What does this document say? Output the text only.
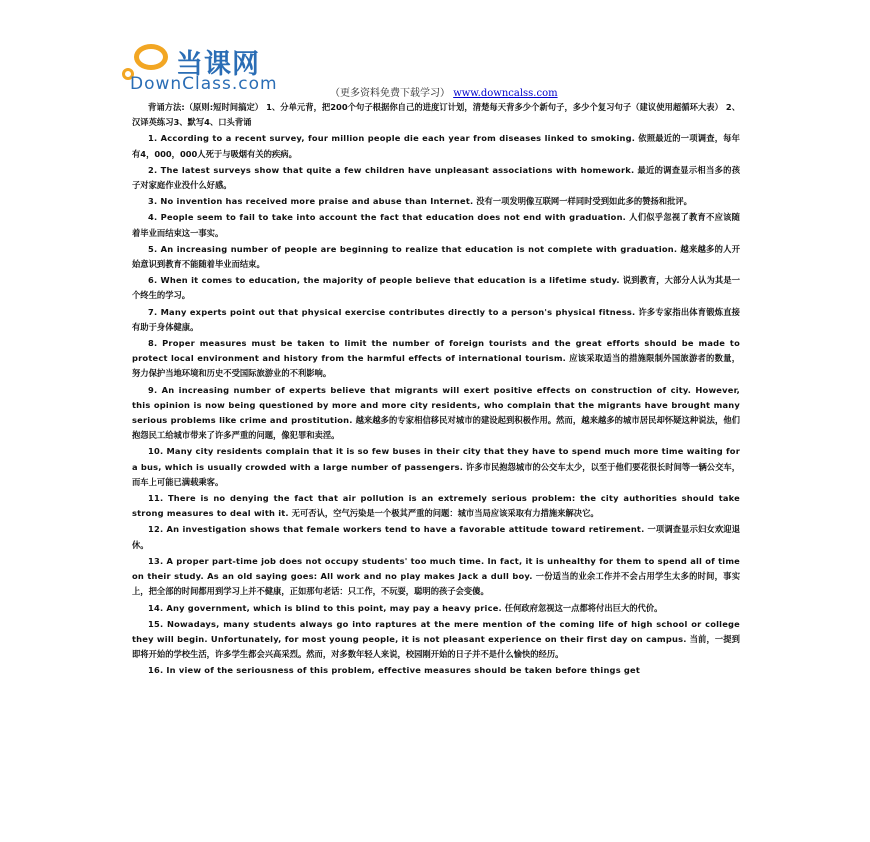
当课网
DownClass.com	（更多资料免费下载学习） www.downcalss.com

背诵方法:（原则:短时间搞定） 1、分单元背，把200个句子根据你自己的进度订计划，清楚每天背多少个新句子，多少个复习句子（建议使用超循环大表） 2、汉译英练习3、默写4、口头背诵

1. According to a recent survey, four million people die each year from diseases linked to smoking. 依照最近的一项调查，每年有4，000，000人死于与吸烟有关的疾病。

2. The latest surveys show that quite a few children have unpleasant associations with homework. 最近的调查显示相当多的孩子对家庭作业没什么好感。

3. No invention has received more praise and abuse than Internet. 没有一项发明像互联网一样同时受到如此多的赞扬和批评。

4. People seem to fail to take into account the fact that education does not end with graduation. 人们似乎忽视了教育不应该随着毕业而结束这一事实。

5. An increasing number of people are beginning to realize that education is not complete with graduation. 越来越多的人开始意识到教育不能随着毕业而结束。

6. When it comes to education, the majority of people believe that education is a lifetime study. 说到教育，大部分人认为其是一个终生的学习。

7. Many experts point out that physical exercise contributes directly to a person's physical fitness. 许多专家指出体育锻炼直接有助于身体健康。

8. Proper measures must be taken to limit the number of foreign tourists and the great efforts should be made to protect local environment and history from the harmful effects of international tourism. 应该采取适当的措施限制外国旅游者的数量，努力保护当地环境和历史不受国际旅游业的不利影响。

9. An increasing number of experts believe that migrants will exert positive effects on construction of city. However, this opinion is now being questioned by more and more city residents, who complain that the migrants have brought many serious problems like crime and prostitution. 越来越多的专家相信移民对城市的建设起到积极作用。然而，越来越多的城市居民却怀疑这种说法，他们抱怨民工给城市带来了许多严重的问题，像犯罪和卖淫。

10. Many city residents complain that it is so few buses in their city that they have to spend much more time waiting for a bus, which is usually crowded with a large number of passengers. 许多市民抱怨城市的公交车太少，以至于他们要花很长时间等一辆公交车，而车上可能已满载乘客。

11. There is no denying the fact that air pollution is an extremely serious problem: the city authorities should take strong measures to deal with it. 无可否认，空气污染是一个极其严重的问题：城市当局应该采取有力措施来解决它。

12. An investigation shows that female workers tend to have a favorable attitude toward retirement. 一项调查显示妇女欢迎退休。

13. A proper part-time job does not occupy students' too much time. In fact, it is unhealthy for them to spend all of time on their study. As an old saying goes: All work and no play makes Jack a dull boy. 一份适当的业余工作并不会占用学生太多的时间，事实上，把全部的时间都用到学习上并不健康，正如那句老话：只工作，不玩耍，聪明的孩子会变傻。

14. Any government, which is blind to this point, may pay a heavy price. 任何政府忽视这一点都将付出巨大的代价。

15. Nowadays, many students always go into raptures at the mere mention of the coming life of high school or college they will begin. Unfortunately, for most young people, it is not pleasant experience on their first day on campus. 当前，一提到即将开始的学校生活，许多学生都会兴高采烈。然而，对多数年轻人来说，校园刚开始的日子并不是什么愉快的经历。

16. In view of the seriousness of this problem, effective measures should be taken before things get
